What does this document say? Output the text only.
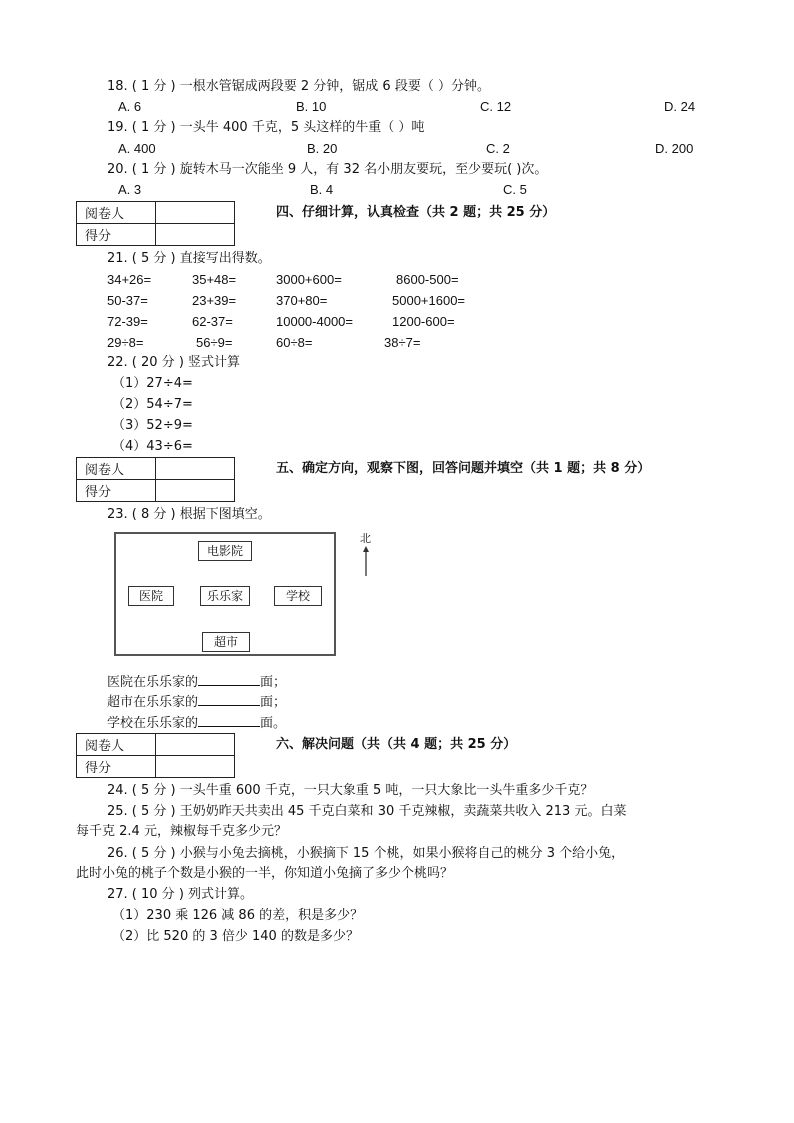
18. ( 1 分 ) 一根水管锯成两段要 2 分钟，锯成 6 段要（ ）分钟。
A. 6	B. 10	C. 12	D. 24
19. ( 1 分 ) 一头牛 400 千克，5 头这样的牛重（ ）吨
A. 400	B. 20	C. 2	D. 200
20. ( 1 分 ) 旋转木马一次能坐 9 人，有 32 名小朋友要玩，至少要玩( )次。
A. 3	B. 4	C. 5
阅卷人	
得分	
四、仔细计算，认真检查（共 2 题；共 25 分）
21. ( 5 分 ) 直接写出得数。
34+26=	35+48=	3000+600=	8600-500=
50-37=	23+39=	370+80=	5000+1600=
72-39=	62-37=	10000-4000=	1200-600=
29÷8=	56÷9=	60÷8=	38÷7=
22. ( 20 分 ) 竖式计算
（1）27÷4=
（2）54÷7=
（3）52÷9=
（4）43÷6=
阅卷人	
得分	
五、确定方向，观察下图，回答问题并填空（共 1 题；共 8 分）
23. ( 8 分 ) 根据下图填空。
电影院
医院	乐乐家	学校
超市
北
医院在乐乐家的	面；
超市在乐乐家的	面；
学校在乐乐家的	面。
阅卷人	
得分	
六、解决问题（共（共 4 题；共 25 分）
24. ( 5 分 ) 一头牛重 600 千克，一只大象重 5 吨，一只大象比一头牛重多少千克？
25. ( 5 分 ) 王奶奶昨天共卖出 45 千克白菜和 30 千克辣椒，卖蔬菜共收入 213 元。白菜
每千克 2.4 元，辣椒每千克多少元？
26. ( 5 分 ) 小猴与小兔去摘桃，小猴摘下 15 个桃，如果小猴将自己的桃分 3 个给小兔，
此时小兔的桃子个数是小猴的一半，你知道小兔摘了多少个桃吗？
27. ( 10 分 ) 列式计算。
（1）230 乘 126 减 86 的差，积是多少？
（2）比 520 的 3 倍少 140 的数是多少？
